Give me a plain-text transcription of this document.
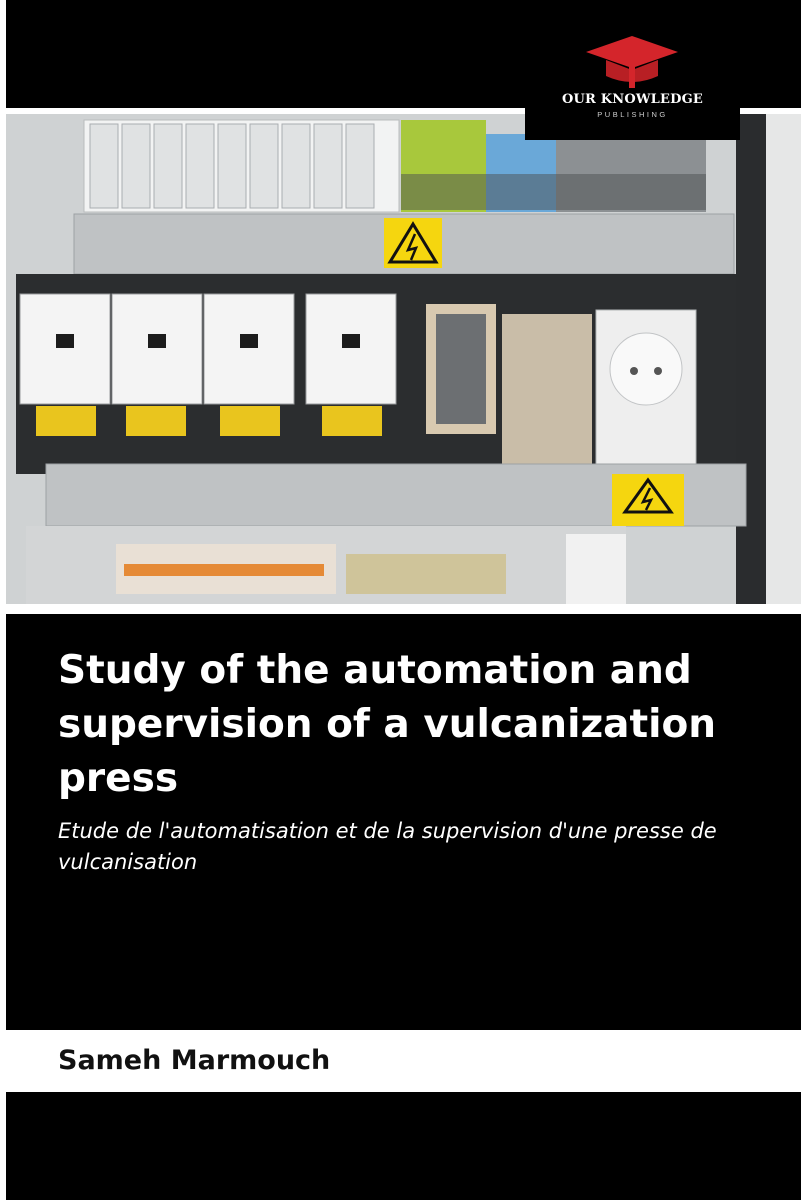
OUR KNOWLEDGE
PUBLISHING
Study of the automation and supervision of a vulcanization press

Etude de l'automatisation et de la supervision d'une presse de vulcanisation

Sameh Marmouch
